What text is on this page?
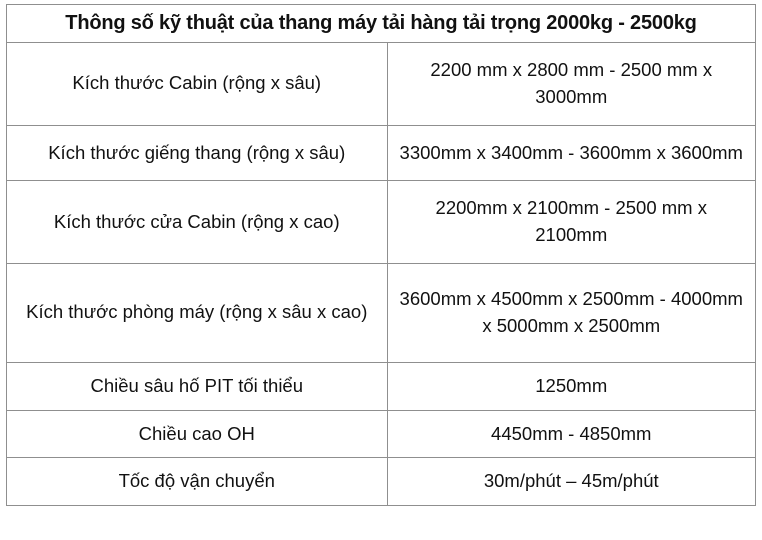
Thông số kỹ thuật của thang máy tải hàng tải trọng 2000kg - 2500kg	
Kích thước Cabin (rộng x sâu)	2200 mm x 2800 mm - 2500 mm x 3000mm
Kích thước giếng thang (rộng x sâu)	3300mm x 3400mm - 3600mm x 3600mm
Kích thước cửa Cabin (rộng x cao)	2200mm x 2100mm - 2500 mm x 2100mm
Kích thước phòng máy (rộng x sâu x cao)	3600mm x 4500mm x 2500mm - 4000mm x 5000mm x 2500mm
Chiều sâu hố PIT tối thiểu	1250mm
Chiều cao OH	4450mm - 4850mm
Tốc độ vận chuyển	30m/phút – 45m/phút
